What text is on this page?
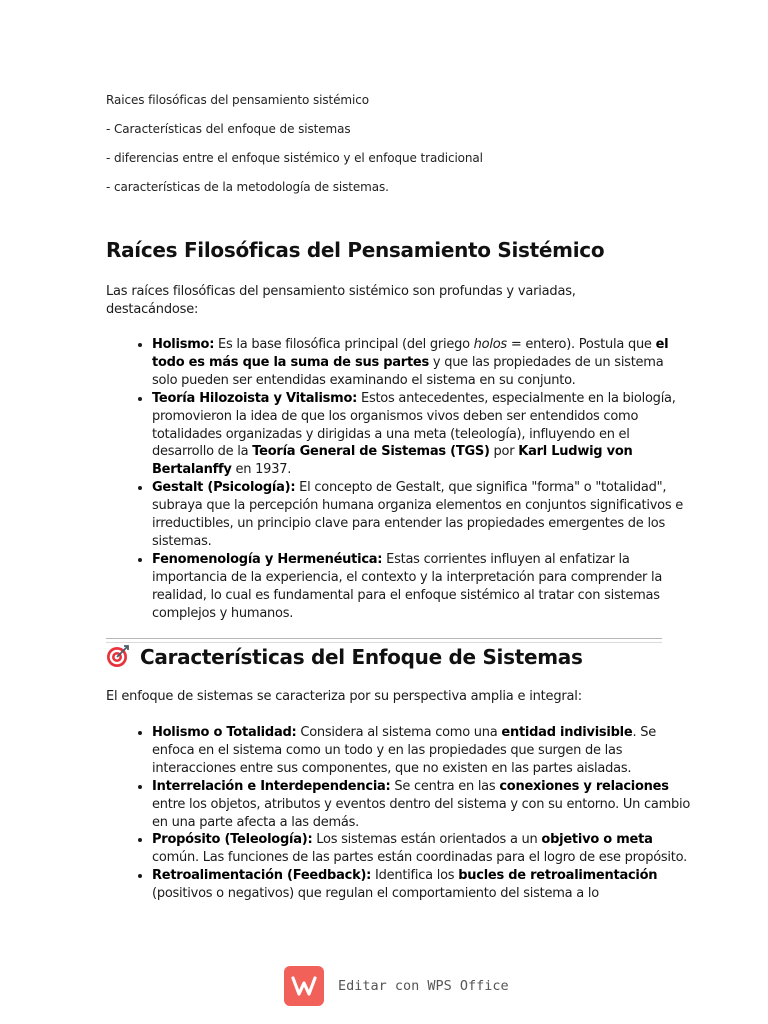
Raices filosóficas del pensamiento sistémico
- Características del enfoque de sistemas
- diferencias entre el enfoque sistémico y el enfoque tradicional
- características de la metodología de sistemas.
Raíces Filosóficas del Pensamiento Sistémico

Las raíces filosóficas del pensamiento sistémico son profundas y variadas, destacándose:

• Holismo: Es la base filosófica principal (del griego holos = entero). Postula que el todo es más que la suma de sus partes y que las propiedades de un sistema solo pueden ser entendidas examinando el sistema en su conjunto.
• Teoría Hilozoista y Vitalismo: Estos antecedentes, especialmente en la biología, promovieron la idea de que los organismos vivos deben ser entendidos como totalidades organizadas y dirigidas a una meta (teleología), influyendo en el desarrollo de la Teoría General de Sistemas (TGS) por Karl Ludwig von Bertalanffy en 1937.
• Gestalt (Psicología): El concepto de Gestalt, que significa "forma" o "totalidad", subraya que la percepción humana organiza elementos en conjuntos significativos e irreductibles, un principio clave para entender las propiedades emergentes de los sistemas.
• Fenomenología y Hermenéutica: Estas corrientes influyen al enfatizar la importancia de la experiencia, el contexto y la interpretación para comprender la realidad, lo cual es fundamental para el enfoque sistémico al tratar con sistemas complejos y humanos.
Características del Enfoque de Sistemas

El enfoque de sistemas se caracteriza por su perspectiva amplia e integral:

• Holismo o Totalidad: Considera al sistema como una entidad indivisible. Se enfoca en el sistema como un todo y en las propiedades que surgen de las interacciones entre sus componentes, que no existen en las partes aisladas.
• Interrelación e Interdependencia: Se centra en las conexiones y relaciones entre los objetos, atributos y eventos dentro del sistema y con su entorno. Un cambio en una parte afecta a las demás.
• Propósito (Teleología): Los sistemas están orientados a un objetivo o meta común. Las funciones de las partes están coordinadas para el logro de ese propósito.
• Retroalimentación (Feedback): Identifica los bucles de retroalimentación (positivos o negativos) que regulan el comportamiento del sistema a lo
Editar con WPS Office
